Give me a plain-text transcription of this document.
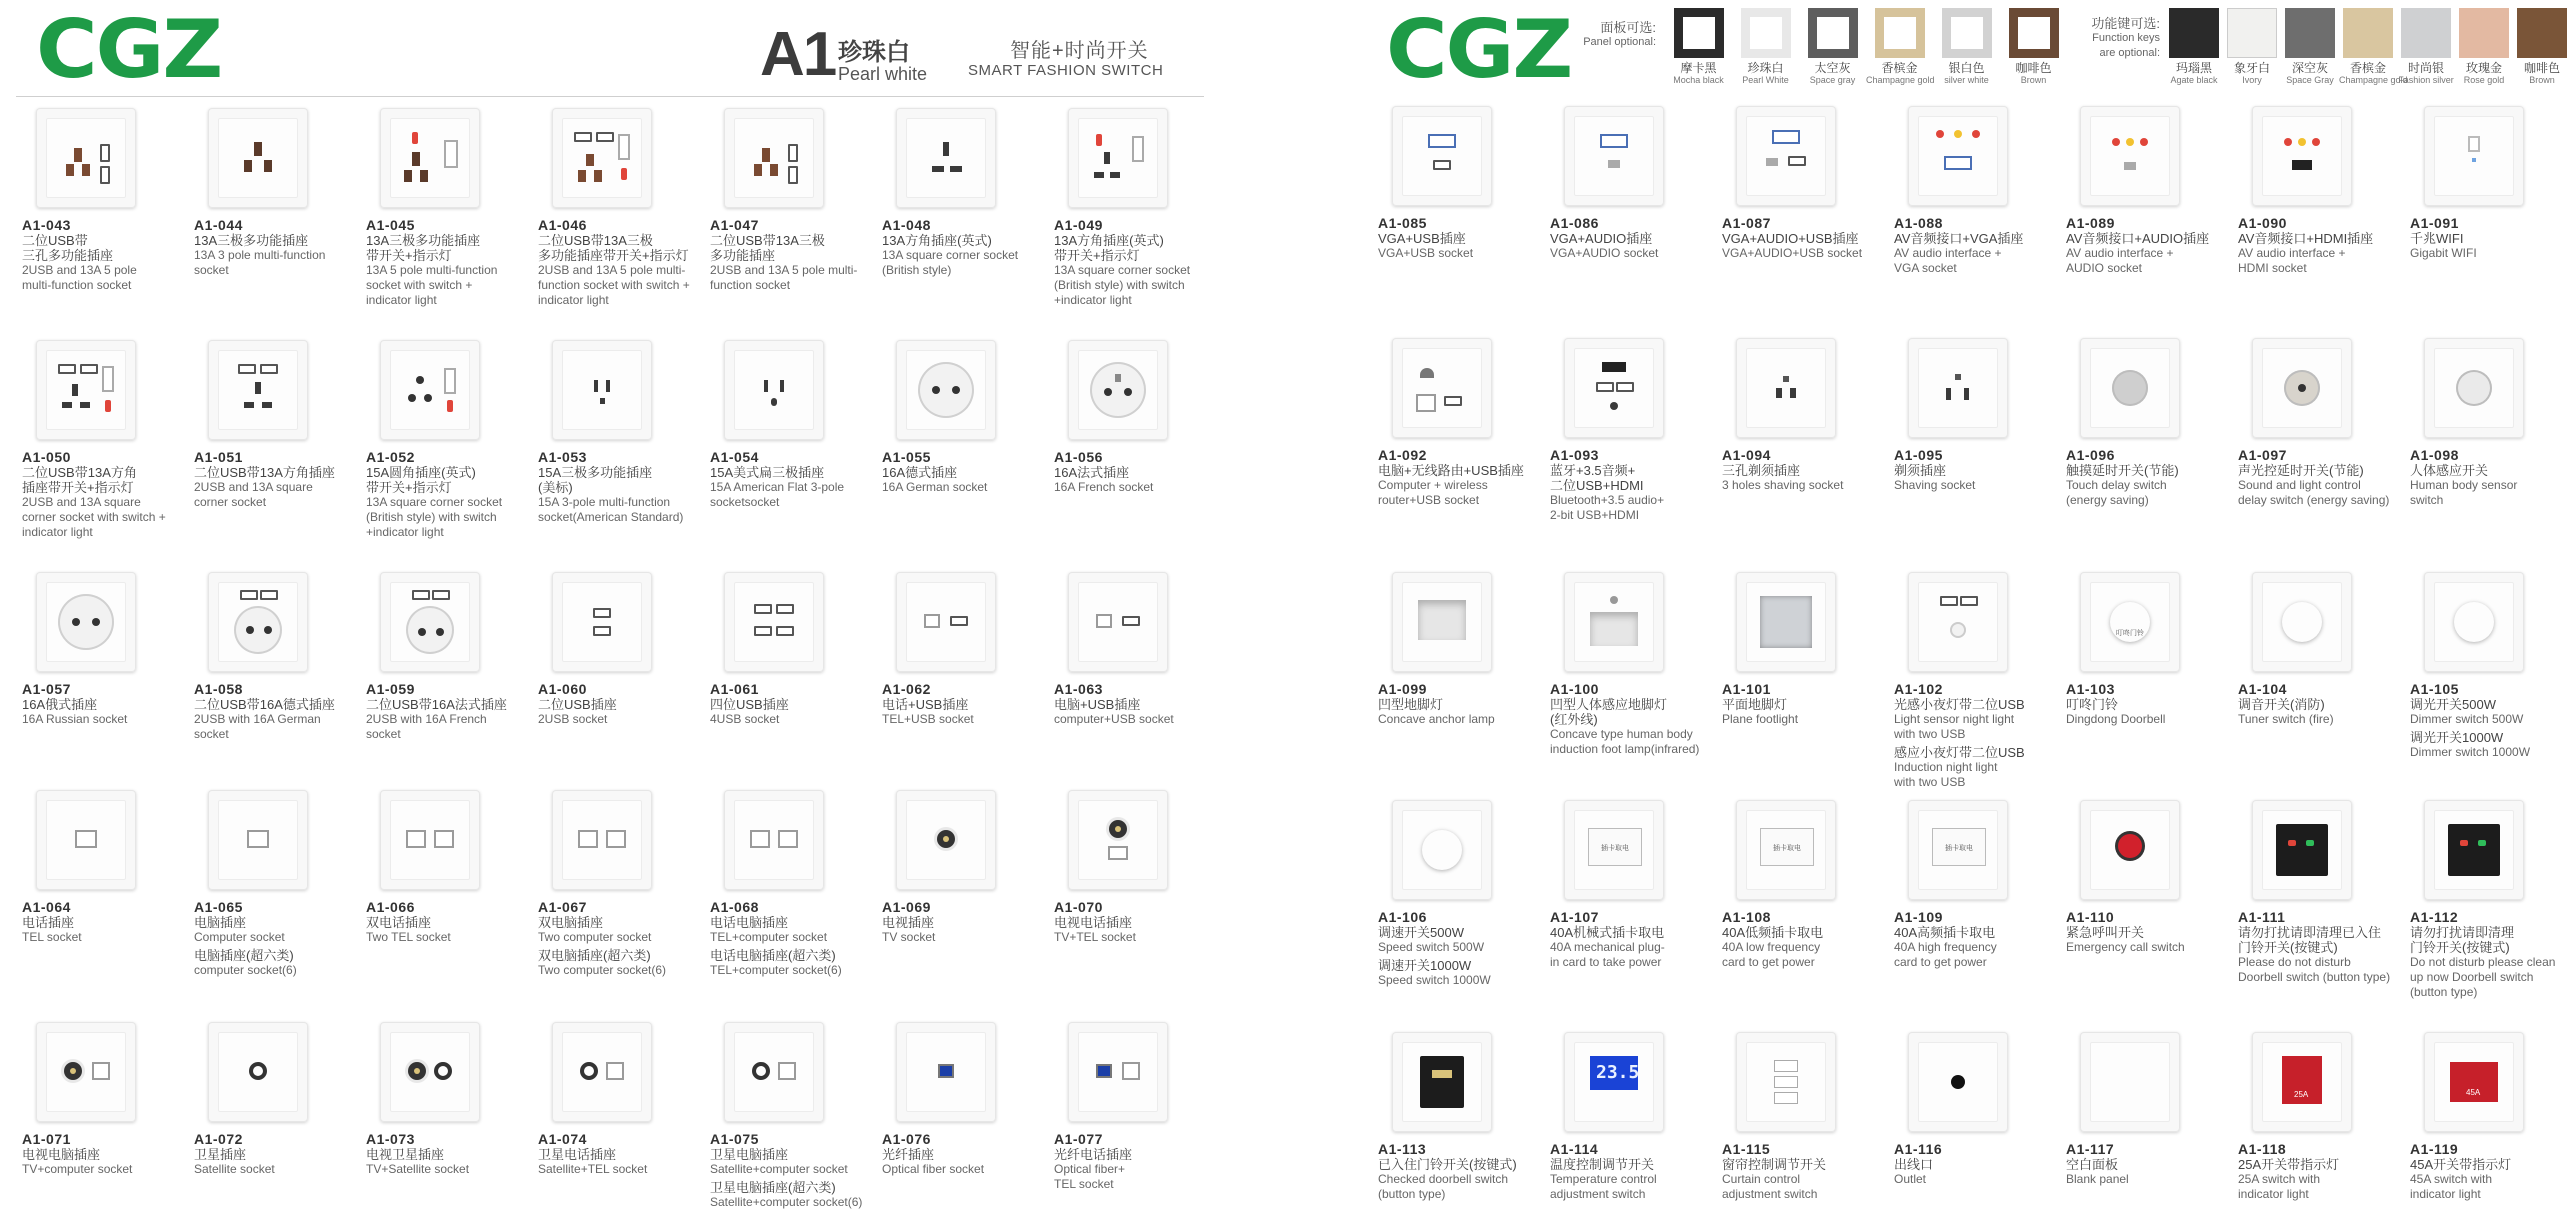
CGZ	A1 珍珠白
Pearl white
智能+时尚开关
SMART FASHION SWITCH
A1-043
二位USB带
三孔多功能插座
2USB and 13A 5 pole
multi-function socket
A1-044
13A三极多功能插座
13A 3 pole multi-function
socket
A1-045
13A三极多功能插座
带开关+指示灯
13A 5 pole multi-function
socket with switch +
indicator light
A1-046
二位USB带13A三极
多功能插座带开关+指示灯
2USB and 13A 5 pole multi-
function socket with switch +
indicator light
A1-047
二位USB带13A三极
多功能插座
2USB and 13A 5 pole multi-
function socket
A1-048
13A方角插座(英式)
13A square corner socket
(British style)
A1-049
13A方角插座(英式)
带开关+指示灯
13A square corner socket
(British style) with switch
+indicator light
A1-050
二位USB带13A方角
插座带开关+指示灯
2USB and 13A square
corner socket with switch +
indicator light
A1-051
二位USB带13A方角插座
2USB and 13A square
corner socket
A1-052
15A圆角插座(英式)
带开关+指示灯
13A square corner socket
(British style) with switch
+indicator light
A1-053
15A三极多功能插座
(美标)
15A 3-pole multi-function
socket(American Standard)
A1-054
15A美式扁三极插座
15A American Flat 3-pole
socketsocket
A1-055
16A德式插座
16A German socket
A1-056
16A法式插座
16A French socket
A1-057
16A俄式插座
16A Russian socket
A1-058
二位USB带16A德式插座
2USB with 16A German
socket
A1-059
二位USB带16A法式插座
2USB with 16A French
socket
A1-060
二位USB插座
2USB socket
A1-061
四位USB插座
4USB socket
A1-062
电话+USB插座
TEL+USB socket
A1-063
电脑+USB插座
computer+USB socket
A1-064
电话插座
TEL socket
A1-065
电脑插座
Computer socket
电脑插座(超六类)
computer socket(6)
A1-066
双电话插座
Two TEL socket
A1-067
双电脑插座
Two computer socket
双电脑插座(超六类)
Two computer socket(6)
A1-068
电话电脑插座
TEL+computer socket
电话电脑插座(超六类)
TEL+computer socket(6)
A1-069
电视插座
TV socket
A1-070
电视电话插座
TV+TEL socket
A1-071
电视电脑插座
TV+computer socket
A1-072
卫星插座
Satellite socket
A1-073
电视卫星插座
TV+Satellite socket
A1-074
卫星电话插座
Satellite+TEL socket
A1-075
卫星电脑插座
Satellite+computer socket
卫星电脑插座(超六类)
Satellite+computer socket(6)
A1-076
光纤插座
Optical fiber socket
A1-077
光纤电话插座
Optical fiber+
TEL socket
CGZ	面板可选:
Panel optional:
摩卡黑
Mocha black
珍珠白
Pearl White
太空灰
Space gray
香槟金
Champagne gold
银白色
silver white
咖啡色
Brown
功能键可选:
Function keys
are optional:
玛瑙黑
Agate black
象牙白
Ivory
深空灰
Space Gray
香槟金
Champagne gold
时尚银
Fashion silver
玫瑰金
Rose gold
咖啡色
Brown
A1-085
VGA+USB插座
VGA+USB socket
A1-086
VGA+AUDIO插座
VGA+AUDIO socket
A1-087
VGA+AUDIO+USB插座
VGA+AUDIO+USB socket
A1-088
AV音频接口+VGA插座
AV audio interface +
VGA socket
A1-089
AV音频接口+AUDIO插座
AV audio interface +
AUDIO socket
A1-090
AV音频接口+HDMI插座
AV audio interface +
HDMI socket
A1-091
千兆WIFI
Gigabit WIFI
A1-092
电脑+无线路由+USB插座
Computer + wireless
router+USB socket
A1-093
蓝牙+3.5音频+
二位USB+HDMI
Bluetooth+3.5 audio+
2-bit USB+HDMI
A1-094
三孔剃须插座
3 holes shaving socket
A1-095
剃须插座
Shaving socket
A1-096
触摸延时开关(节能)
Touch delay switch
(energy saving)
A1-097
声光控延时开关(节能)
Sound and light control
delay switch (energy saving)
A1-098
人体感应开关
Human body sensor
switch
A1-099
凹型地脚灯
Concave anchor lamp
A1-100
凹型人体感应地脚灯
(红外线)
Concave type human body
induction foot lamp(infrared)
A1-101
平面地脚灯
Plane footlight
A1-102
光感小夜灯带二位USB
Light sensor night light
with two USB
感应小夜灯带二位USB
Induction night light
with two USB
叮咚门铃
A1-103
叮咚门铃
Dingdong Doorbell
A1-104
调音开关(消防)
Tuner switch (fire)
A1-105
调光开关500W
Dimmer switch 500W
调光开关1000W
Dimmer switch 1000W
A1-106
调速开关500W
Speed switch 500W
调速开关1000W
Speed switch 1000W
插卡取电
A1-107
40A机械式插卡取电
40A mechanical plug-
in card to take power
插卡取电
A1-108
40A低频插卡取电
40A low frequency
card to get power
插卡取电
A1-109
40A高频插卡取电
40A high frequency
card to get power
A1-110
紧急呼叫开关
Emergency call switch
A1-111
请勿打扰请即清理已入住
门铃开关(按键式)
Please do not disturb
Doorbell switch (button type)
A1-112
请勿打扰请即清理
门铃开关(按键式)
Do not disturb please clean
up now Doorbell switch
(button type)
A1-113
已入住门铃开关(按键式)
Checked doorbell switch
(button type)
23.5
A1-114
温度控制调节开关
Temperature control
adjustment switch
A1-115
窗帘控制调节开关
Curtain control
adjustment switch
A1-116
出线口
Outlet
A1-117
空白面板
Blank panel
25A
A1-118
25A开关带指示灯
25A switch with
indicator light
45A
A1-119
45A开关带指示灯
45A switch with
indicator light
